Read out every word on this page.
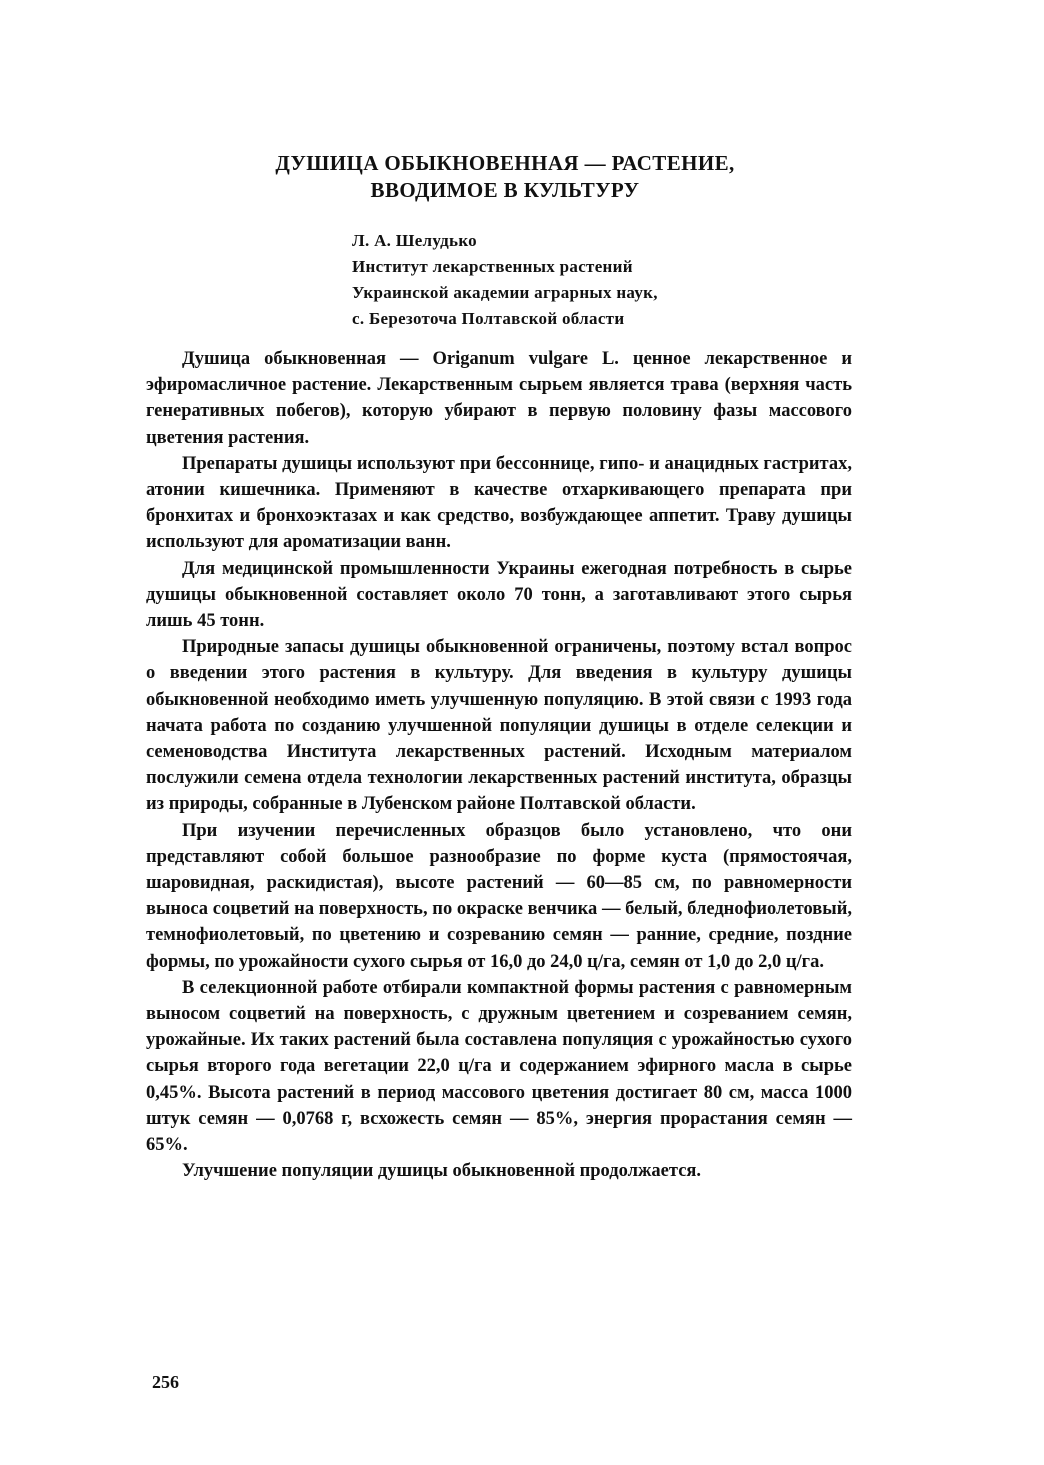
ДУШИЦА ОБЫКНОВЕННАЯ — РАСТЕНИЕ,
ВВОДИМОЕ В КУЛЬТУРУ
Л. А. Шелудько
Институт лекарственных растений
Украинской академии аграрных наук,
с. Березоточа Полтавской области

Душица обыкновенная — Origanum vulgare L. ценное лекарственное и эфиромасличное растение. Лекарственным сырьем является трава (верхняя часть генеративных побегов), которую убирают в первую половину фазы массового цветения растения.

Препараты душицы используют при бессоннице, гипо- и анацидных гастритах, атонии кишечника. Применяют в качестве отхаркивающего препарата при бронхитах и бронхоэктазах и как средство, возбуждающее аппетит. Траву душицы используют для ароматизации ванн.

Для медицинской промышленности Украины ежегодная потребность в сырье душицы обыкновенной составляет около 70 тонн, а заготавливают этого сырья лишь 45 тонн.

Природные запасы душицы обыкновенной ограничены, поэтому встал вопрос о введении этого растения в культуру. Для введения в культуру душицы обыкновенной необходимо иметь улучшенную популяцию. В этой связи с 1993 года начата работа по созданию улучшенной популяции душицы в отделе селекции и семеноводства Института лекарственных растений. Исходным материалом послужили семена отдела технологии лекарственных растений института, образцы из природы, собранные в Лубенском районе Полтавской области.

При изучении перечисленных образцов было установлено, что они представляют собой большое разнообразие по форме куста (прямостоячая, шаровидная, раскидистая), высоте растений — 60—85 см, по равномерности выноса соцветий на поверхность, по окраске венчика — белый, бледнофиолетовый, темнофиолетовый, по цветению и созреванию семян — ранние, средние, поздние формы, по урожайности сухого сырья от 16,0 до 24,0 ц/га, семян от 1,0 до 2,0 ц/га.

В селекционной работе отбирали компактной формы растения с равномерным выносом соцветий на поверхность, с дружным цветением и созреванием семян, урожайные. Их таких растений была составлена популяция с урожайностью сухого сырья второго года вегетации 22,0 ц/га и содержанием эфирного масла в сырье 0,45%. Высота растений в период массового цветения достигает 80 см, масса 1000 штук семян — 0,0768 г, всхожесть семян — 85%, энергия прорастания семян — 65%.

Улучшение популяции душицы обыкновенной продолжается.

256
